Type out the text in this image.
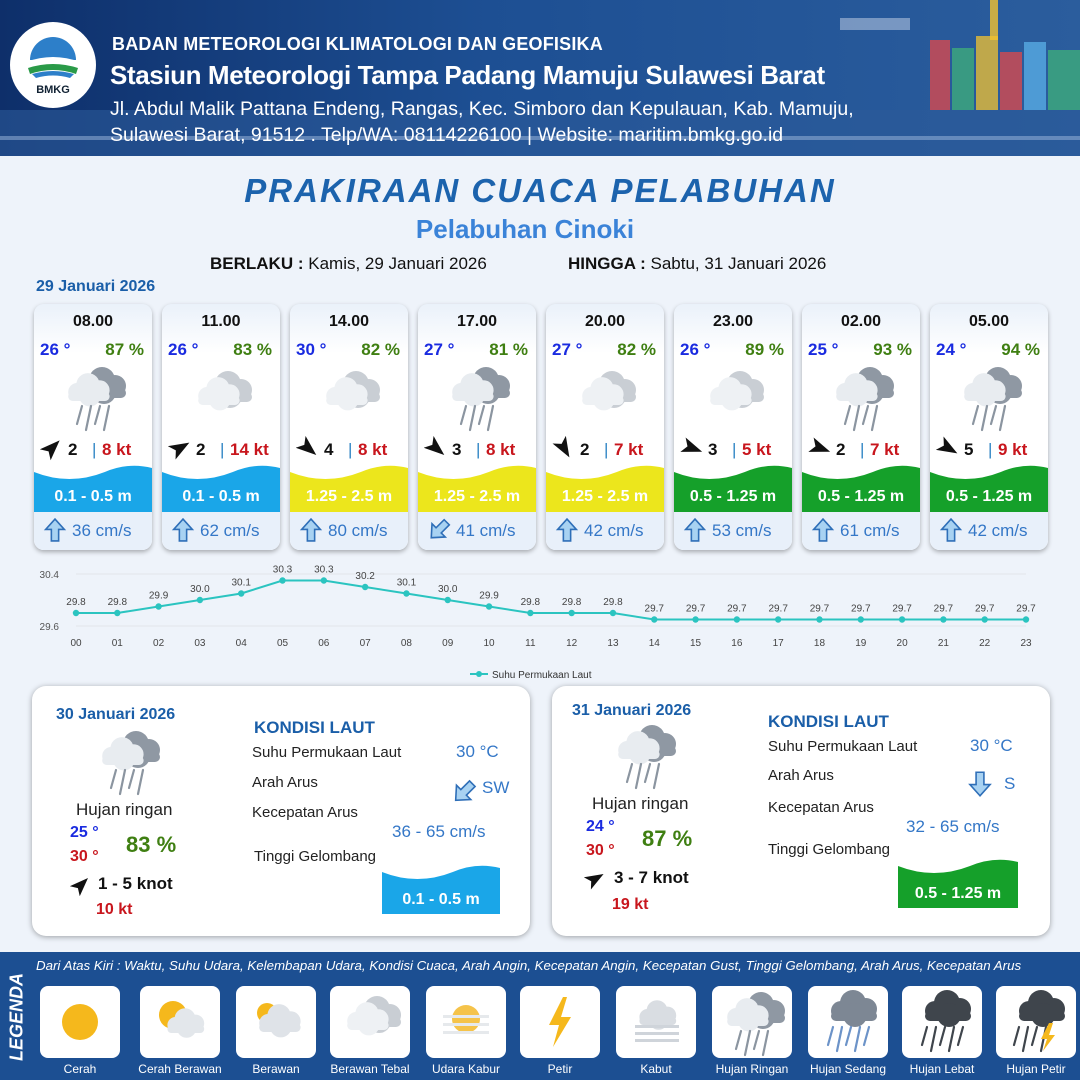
BMKG
BADAN METEOROLOGI KLIMATOLOGI DAN GEOFISIKA
Stasiun Meteorologi Tampa Padang Mamuju Sulawesi Barat
Jl. Abdul Malik Pattana Endeng, Rangas, Kec. Simboro dan Kepulauan, Kab. Mamuju,
Sulawesi Barat, 91512 . Telp/WA: 08114226100 | Website: maritim.bmkg.go.id
PRAKIRAAN CUACA PELABUHAN
Pelabuhan Cinoki
BERLAKU : Kamis, 29 Januari 2026	HINGGA : Sabtu, 31 Januari 2026
29 Januari 2026
08.00
26 ° 87 %
2 | 8 kt
0.1 - 0.5 m
36 cm/s
11.00
26 ° 83 %
2 | 14 kt
0.1 - 0.5 m
62 cm/s
14.00
30 ° 82 %
4 | 8 kt
1.25 - 2.5 m
80 cm/s
17.00
27 ° 81 %
3 | 8 kt
1.25 - 2.5 m
41 cm/s
20.00
27 ° 82 %
2 | 7 kt
1.25 - 2.5 m
42 cm/s
23.00
26 ° 89 %
3 | 5 kt
0.5 - 1.25 m
53 cm/s
02.00
25 ° 93 %
2 | 7 kt
0.5 - 1.25 m
61 cm/s
05.00
24 ° 94 %
5 | 9 kt
0.5 - 1.25 m
42 cm/s
30.4
29.6
29.8
00
29.8
01
29.9
02
30.0
03
30.1
04
30.3
05
30.3
06
30.2
07
30.1
08
30.0
09
29.9
10
29.8
11
29.8
12
29.8
13
29.7
14
29.7
15
29.7
16
29.7
17
29.7
18
29.7
19
29.7
20
29.7
21
29.7
22
29.7
23
Suhu Permukaan Laut
30 Januari 2026
Hujan ringan
25 °
30 ° 83 %
1 - 5 knot
10 kt
KONDISI LAUT
Suhu Permukaan Laut	30 °C
Arah Arus	SW
Kecepatan Arus
36 - 65 cm/s
Tinggi Gelombang
0.1 - 0.5 m
31 Januari 2026
Hujan ringan
24 °
30 ° 87 %
3 - 7 knot
19 kt
KONDISI LAUT
Suhu Permukaan Laut	30 °C
Arah Arus	S
Kecepatan Arus
32 - 65 cm/s
Tinggi Gelombang
0.5 - 1.25 m
LEGENDA
Dari Atas Kiri : Waktu, Suhu Udara, Kelembapan Udara, Kondisi Cuaca, Arah Angin, Kecepatan Angin, Kecepatan Gust, Tinggi Gelombang, Arah Arus, Kecepatan Arus
Cerah	Cerah Berawan	Berawan	Berawan Tebal	Udara Kabur	Petir	Kabut	Hujan Ringan	Hujan Sedang	Hujan Lebat	Hujan Petir
